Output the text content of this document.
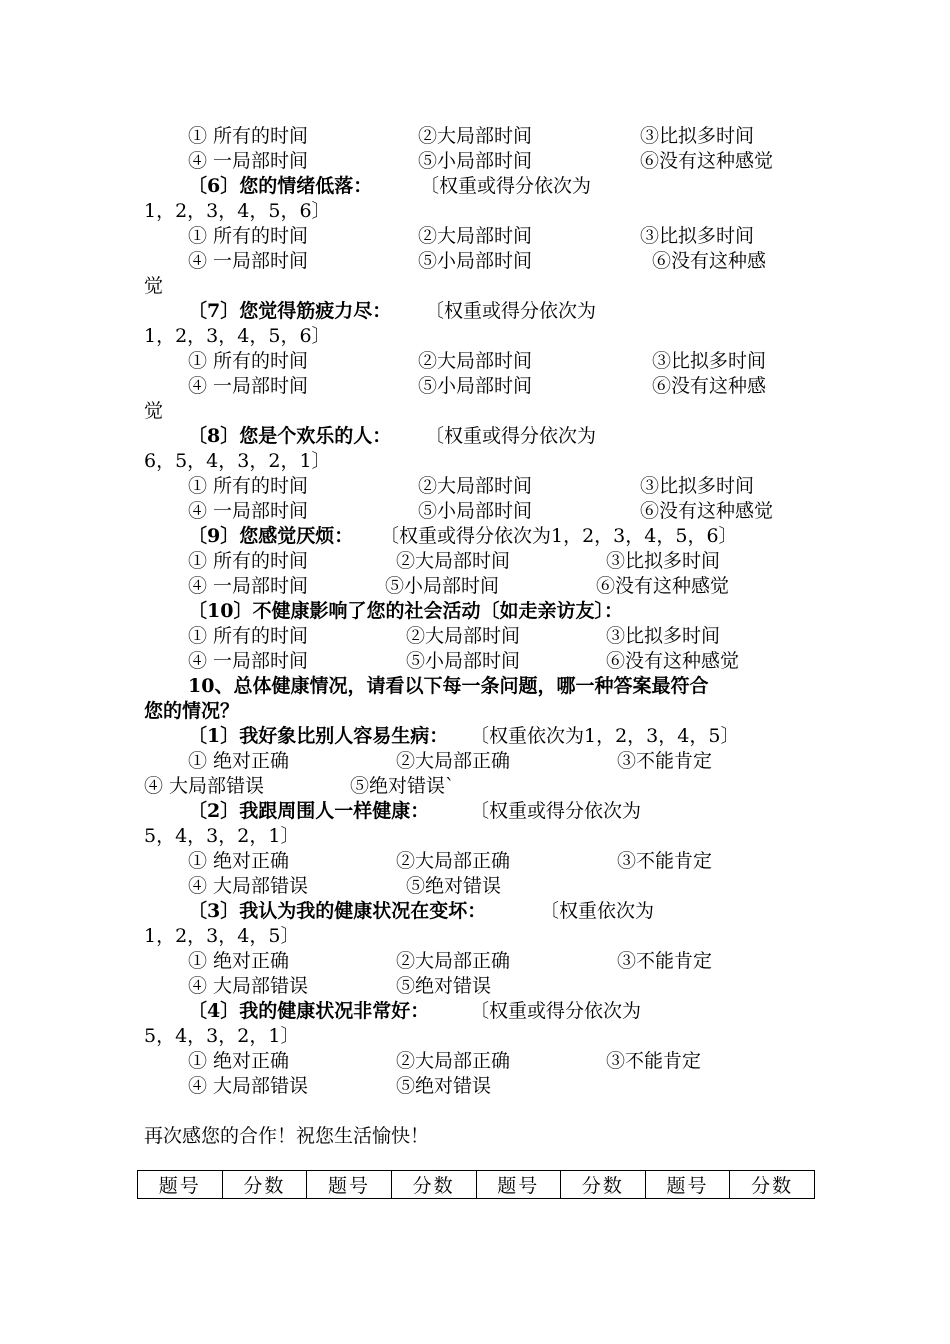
① 所有的时间	②大局部时间	③比拟多时间
④ 一局部时间	⑤小局部时间	⑥没有这种感觉
〔6〕您的情绪低落：	〔权重或得分依次为
1，2，3，4，5，6〕
① 所有的时间	②大局部时间	③比拟多时间
④ 一局部时间	⑤小局部时间	⑥没有这种感
觉
〔7〕您觉得筋疲力尽： 〔权重或得分依次为
1，2，3，4，5，6〕
① 所有的时间	②大局部时间	③比拟多时间
④ 一局部时间	⑤小局部时间	⑥没有这种感
觉
〔8〕您是个欢乐的人： 〔权重或得分依次为
6，5，4，3，2，1〕
① 所有的时间	②大局部时间	③比拟多时间
④ 一局部时间	⑤小局部时间	⑥没有这种感觉
〔9〕您感觉厌烦： 〔权重或得分依次为1，2，3，4，5，6〕
① 所有的时间	②大局部时间	③比拟多时间
④ 一局部时间	⑤小局部时间	⑥没有这种感觉
〔10〕不健康影响了您的社会活动〔如走亲访友〕：
① 所有的时间	②大局部时间	③比拟多时间
④ 一局部时间	⑤小局部时间	⑥没有这种感觉
10、总体健康情况，请看以下每一条问题，哪一种答案最符合
您的情况？
〔1〕我好象比别人容易生病： 〔权重依次为1，2，3，4，5〕
① 绝对正确	②大局部正确	③不能肯定
④ 大局部错误	⑤绝对错误`
〔2〕我跟周围人一样健康： 〔权重或得分依次为
5，4，3，2，1〕
① 绝对正确	②大局部正确	③不能肯定
④ 大局部错误	⑤绝对错误
〔3〕我认为我的健康状况在变坏：	〔权重依次为
1，2，3，4，5〕
① 绝对正确	②大局部正确	③不能肯定
④ 大局部错误	⑤绝对错误
〔4〕我的健康状况非常好： 〔权重或得分依次为
5，4，3，2，1〕
① 绝对正确	②大局部正确	③不能肯定
④ 大局部错误	⑤绝对错误
再次感您的合作！祝您生活愉快！
题号	分数	题号	分数	题号	分数	题号	分数
